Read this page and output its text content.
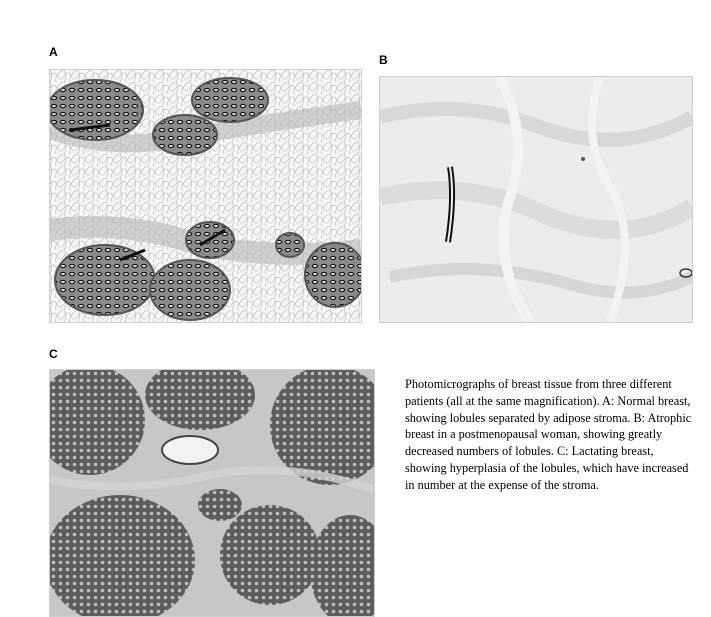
A
B
C
Photomicrographs of breast tissue from three different patients (all at the same magnification). A: Normal breast, showing lobules separated by adipose stroma. B: Atrophic breast in a postmenopausal woman, showing greatly decreased numbers of lobules. C: Lactating breast, showing hyperplasia of the lobules, which have increased in number at the expense of the stroma.
